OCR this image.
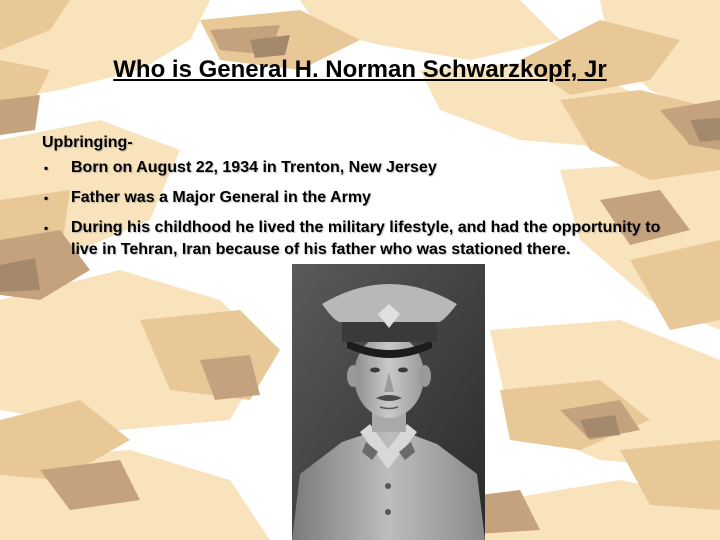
Who is General H. Norman Schwarzkopf, Jr
Upbringing-
▪ Born on August 22, 1934 in Trenton, New Jersey
▪ Father was a Major General in the Army
▪ During his childhood he lived the military lifestyle, and had the opportunity to live in Tehran, Iran because of his father who was stationed there.
